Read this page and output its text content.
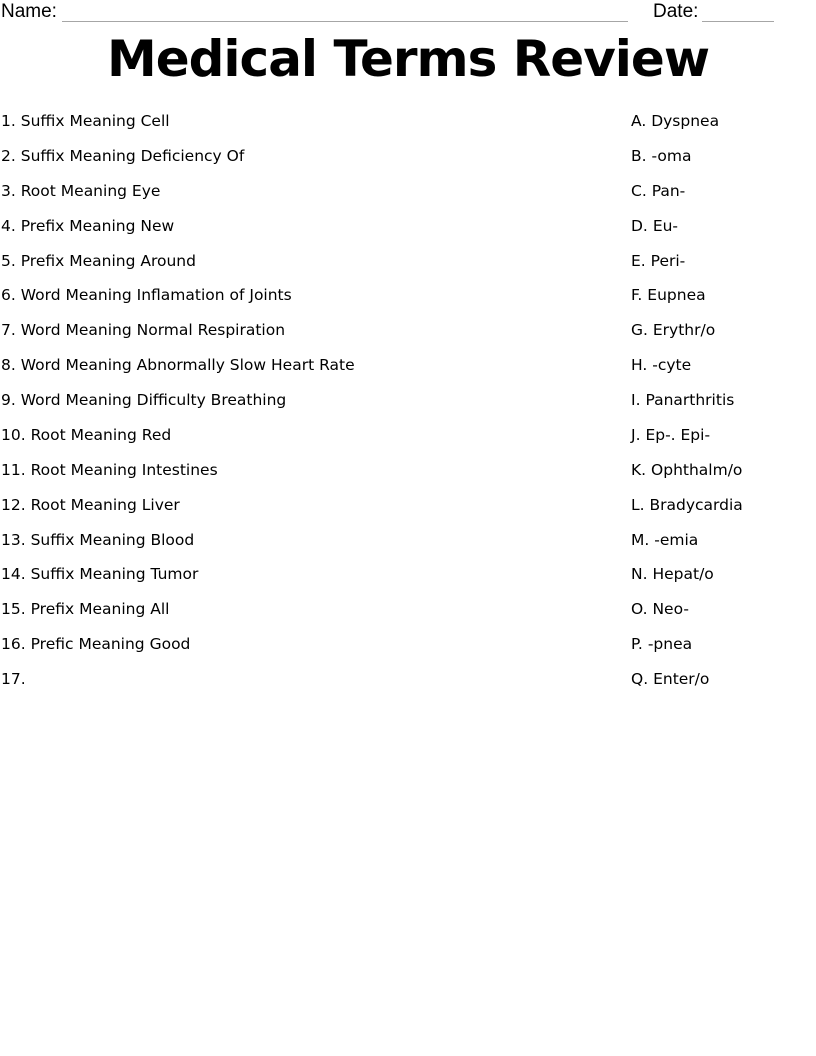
Name:	Date:
Medical Terms Review
1. Suffix Meaning Cell	A. Dyspnea
2. Suffix Meaning Deficiency Of	B. -oma
3. Root Meaning Eye	C. Pan-
4. Prefix Meaning New	D. Eu-
5. Prefix Meaning Around	E. Peri-
6. Word Meaning Inflamation of Joints	F. Eupnea
7. Word Meaning Normal Respiration	G. Erythr/o
8. Word Meaning Abnormally Slow Heart Rate	H. -cyte
9. Word Meaning Difficulty Breathing	I. Panarthritis
10. Root Meaning Red	J. Ep-. Epi-
11. Root Meaning Intestines	K. Ophthalm/o
12. Root Meaning Liver	L. Bradycardia
13. Suffix Meaning Blood	M. -emia
14. Suffix Meaning Tumor	N. Hepat/o
15. Prefix Meaning All	O. Neo-
16. Prefic Meaning Good	P. -pnea
17.	Q. Enter/o
